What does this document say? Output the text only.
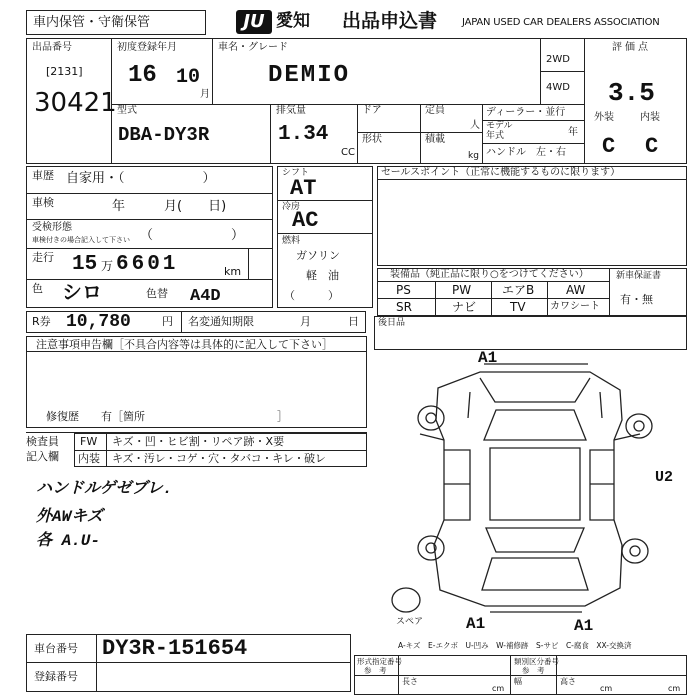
車内保管・守衛保管	JU 愛知 出品申込書 JAPAN USED CAR DEALERS ASSOCIATION
出品番号
[2131]
30421
初度登録年月
16 10
月
車名・グレード
DEMIO
2WD
4WD
型式
DBA-DY3R
排気量
1.34
CC
ドア
形状
定員
人
積載
kg
ディーラー・並行
モデル
年式	年
ハンドル　左・右
評価点
3.5
外装	内装
C C
車歴 自家用・（　　　　　　）
車検	年　　　月(　　日)
受検形態
車検付きの場合記入して下さい （　　　　　　）
走行 15 万 6601	km
色 シロ	色替 A4D
シフト
AT
冷房
AC
燃料
ガソリン
軽　油
（　　　）
セールスポイント（正常に機能するものに限ります）
装備品（純正品に限り○をつけてください）
PS	PW	エアB	AW
SR	ナビ	TV カワシート
新車保証書
有・無
R券 10,780	円 名変通知期限	月	日 後日品
注意事項申告欄［不具合内容等は具体的に記入して下さい］
修復歴　　有［箇所　　　　　　　　　　　　］
検査員
記入欄
FW キズ・凹・ヒビ割・リペア跡・X要
内装 キズ・汚レ・コゲ・穴・タバコ・キレ・破レ
ハンドルゲゼブレ.
外AWキズ
各 A.U-
A1
U2
A1	A1
スペア
A-キズ　E-エクボ　U-凹み　W-補修跡　S-サビ　C-腐食　XX-交換済
車台番号 DY3R-151654
登録番号
形式指定番号
参　考
類別区分番号
参　考
長さ
cm
幅	高さ
cm	cm
